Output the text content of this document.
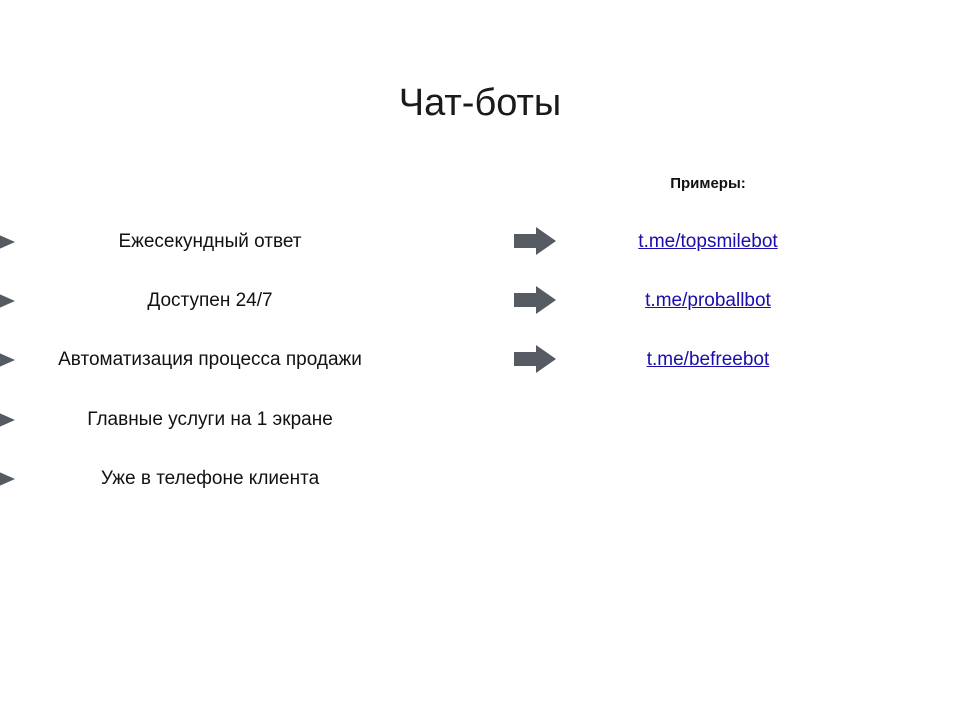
Чат-боты
Примеры:
Ежесекундный ответ
Доступен 24/7
Автоматизация процесса продажи
Главные услуги на 1 экране
Уже в телефоне клиента
t.me/topsmilebot
t.me/proballbot
t.me/befreebot
